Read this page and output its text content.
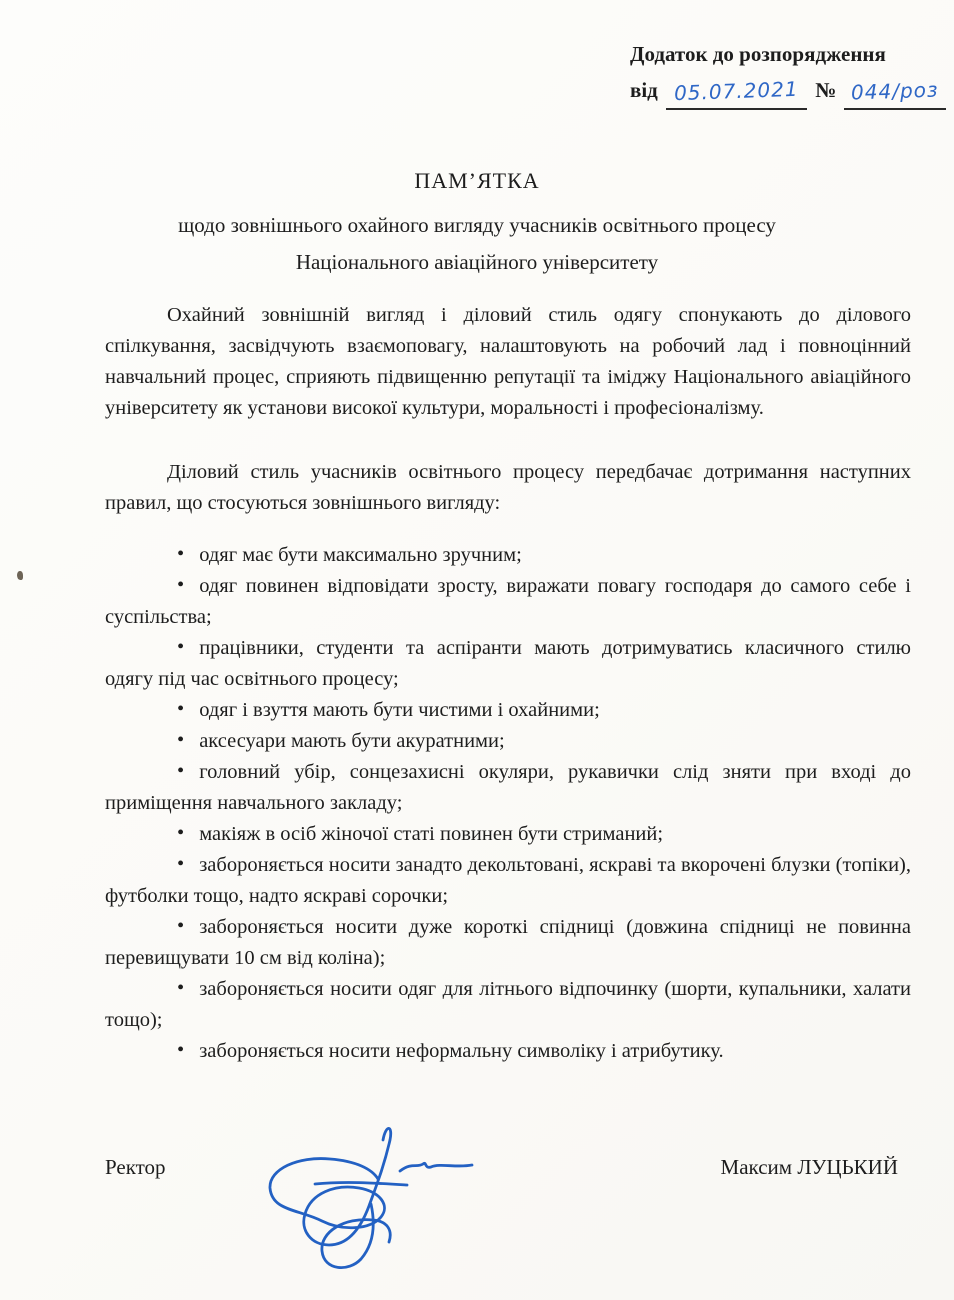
Додаток до розпорядження
від 05.07.2021 № 044/роз
ПАМ’ЯТКА
щодо зовнішнього охайного вигляду учасників освітнього процесу
Національного авіаційного університету

Охайний зовнішній вигляд і діловий стиль одягу спонукають до ділового спілкування, засвідчують взаємоповагу, налаштовують на робочий лад і повноцінний навчальний процес, сприяють підвищенню репутації та іміджу Національного авіаційного університету як установи високої культури, моральності і професіоналізму.

Діловий стиль учасників освітнього процесу передбачає дотримання наступних правил, що стосуються зовнішнього вигляду:

• одяг має бути максимально зручним;
• одяг повинен відповідати зросту, виражати повагу господаря до самого себе і суспільства;
• працівники, студенти та аспіранти мають дотримуватись класичного стилю одягу під час освітнього процесу;
• одяг і взуття мають бути чистими і охайними;
• аксесуари мають бути акуратними;
• головний убір, сонцезахисні окуляри, рукавички слід зняти при вході до приміщення навчального закладу;
• макіяж в осіб жіночої статі повинен бути стриманий;
• забороняється носити занадто декольтовані, яскраві та вкорочені блузки (топіки), футболки тощо, надто яскраві сорочки;
• забороняється носити дуже короткі спідниці (довжина спідниці не повинна перевищувати 10 см від коліна);
• забороняється носити одяг для літнього відпочинку (шорти, купальники, халати тощо);
• забороняється носити неформальну символіку і атрибутику.
Ректор	Максим ЛУЦЬКИЙ
